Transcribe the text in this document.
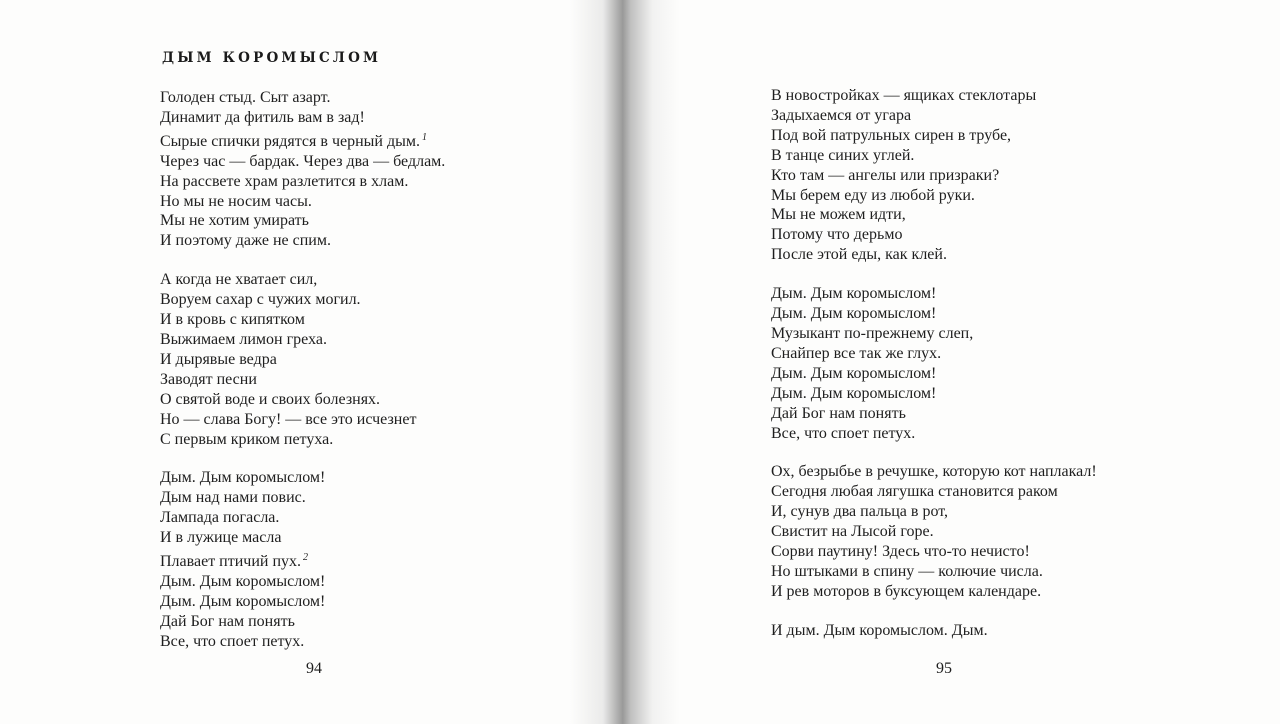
ДЫМ КОРОМЫСЛОМ
Голоден стыд. Сыт азарт.
Динамит да фитиль вам в зад!
Сырые спички рядятся в черный дым. $^1$
Через час — бардак. Через два — бедлам.
На рассвете храм разлетится в хлам.
Но мы не носим часы.
Мы не хотим умирать
И поэтому даже не спим.
А когда не хватает сил,
Воруем сахар с чужих могил.
И в кровь с кипятком
Выжимаем лимон греха.
И дырявые ведра
Заводят песни
О святой воде и своих болезнях.
Но — слава Богу! — все это исчезнет
С первым криком петуха.
Дым. Дым коромыслом!
Дым над нами повис.
Лампада погасла.
И в лужице масла
Плавает птичий пух. $^2$
Дым. Дым коромыслом!
Дым. Дым коромыслом!
Дай Бог нам понять
Все, что споет петух.
94
В новостройках — ящиках стеклотары
Задыхаемся от угара
Под вой патрульных сирен в трубе,
В танце синих углей.
Кто там — ангелы или призраки?
Мы берем еду из любой руки.
Мы не можем идти,
Потому что дерьмо
После этой еды, как клей.
Дым. Дым коромыслом!
Дым. Дым коромыслом!
Музыкант по-прежнему слеп,
Снайпер все так же глух.
Дым. Дым коромыслом!
Дым. Дым коромыслом!
Дай Бог нам понять
Все, что споет петух.
Ох, безрыбье в речушке, которую кот наплакал!
Сегодня любая лягушка становится раком
И, сунув два пальца в рот,
Свистит на Лысой горе.
Сорви паутину! Здесь что-то нечисто!
Но штыками в спину — колючие числа.
И рев моторов в буксующем календаре.
И дым. Дым коромыслом. Дым.
95
